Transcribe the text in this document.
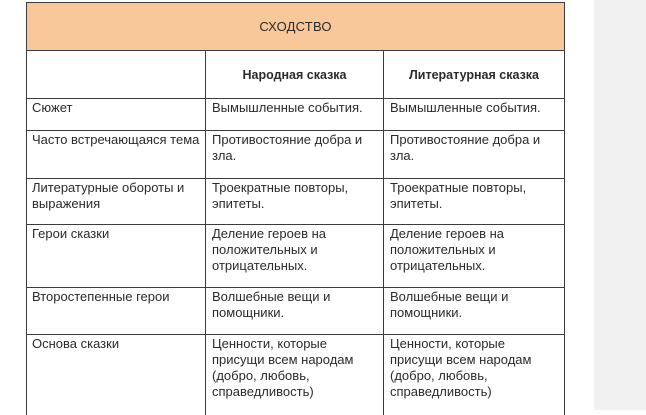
СХОДСТВО		
	Народная сказка	Литературная сказка

Сюжет	Вымышленные события.	Вымышленные события.

Часто встречающаяся тема	Противостояние добра и зла.	Противостояние добра и зла.

Литературные обороты и выражения	Троекратные повторы, эпитеты.	Троекратные повторы, эпитеты.

Герои сказки	Деление героев на положительных и отрицательных.	Деление героев на положительных и отрицательных.

Второстепенные герои	Волшебные вещи и помощники.	Волшебные вещи и помощники.

Основа сказки	Ценности, которые присущи всем народам (добро, любовь, справедливость)	Ценности, которые присущи всем народам (добро, любовь, справедливость)
